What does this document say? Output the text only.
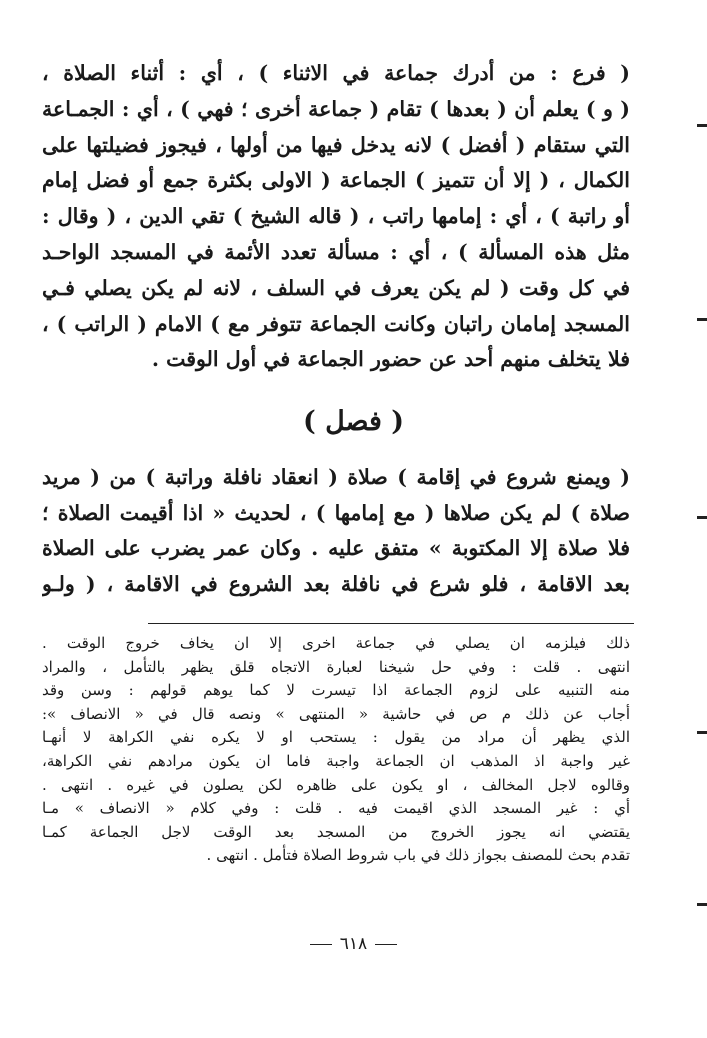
( فرع : من أدرك جماعة في الاثناء ) ، أي : أثناء الصلاة ،
( و ) يعلم أن ( بعدها ) تقام ( جماعة أخرى ؛ فهي ) ، أي : الجمـاعة
التي ستقام ( أفضل ) لانه يدخل فيها من أولها ، فيجوز فضيلتها على
الكمال ، ( إلا أن تتميز ) الجماعة ( الاولى بكثرة جمع أو فضل إمام
أو راتبة ) ، أي : إمامها راتب ، ( قاله الشيخ ) تقي الدين ، ( وقال :
مثل هذه المسألة ) ، أي : مسألة تعدد الأئمة في المسجد الواحـد
في كل وقت ( لم يكن يعرف في السلف ، لانه لم يكن يصلي فـي
المسجد إمامان راتبان وكانت الجماعة تتوفر مع ) الامام ( الراتب ) ،
فلا يتخلف منهم أحد عن حضور الجماعة في أول الوقت .
( فصل )
( ويمنع شروع في إقامة ) صلاة ( انعقاد نافلة وراتبة ) من ( مريد
صلاة ) لم يكن صلاها ( مع إمامها ) ، لحديث « اذا أقيمت الصلاة ؛
فلا صلاة إلا المكتوبة » متفق عليه . وكان عمر يضرب على الصلاة
بعد الاقامة ، فلو شرع في نافلة بعد الشروع في الاقامة ، ( ولـو
ذلك فيلزمه ان يصلي في جماعة اخرى إلا ان يخاف خروج الوقت .
انتهى . قلت : وفي حل شيخنا لعبارة الاتجاه قلق يظهر بالتأمل ، والمراد
منه التنبيه على لزوم الجماعة اذا تيسرت لا كما يوهم قولهم : وسن وقد
أجاب عن ذلك م ص في حاشية « المنتهى » ونصه قال في « الانصاف »:
الذي يظهر أن مراد من يقول : يستحب او لا يكره نفي الكراهة لا أنهـا
غير واجبة اذ المذهب ان الجماعة واجبة فاما ان يكون مرادهم نفي الكراهة،
وقالوه لاجل المخالف ، او يكون على ظاهره لكن يصلون في غيره . انتهى .
أي : غير المسجد الذي اقيمت فيه . قلت : وفي كلام « الانصاف » مـا
يقتضي انه يجوز الخروج من المسجد بعد الوقت لاجل الجماعة كمـا
تقدم بحث للمصنف بجواز ذلك في باب شروط الصلاة فتأمل . انتهى .
٦١٨
